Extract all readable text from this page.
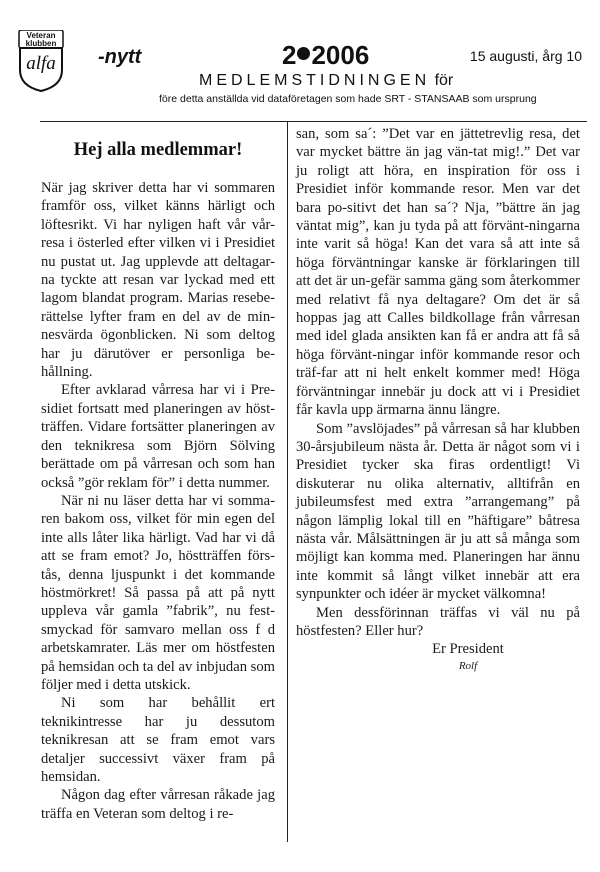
Veteran
klubben
alfa	-nytt	2 2006	15 augusti, årg 10
MEDLEMSTIDNINGEN för
före detta anställda vid dataföretagen som hade SRT - STANSAAB som ursprung
Hej alla medlemmar!

När jag skriver detta har vi sommaren framför oss, vilket känns härligt och löftesrikt. Vi har nyligen haft vår vår-resa i österled efter vilken vi i Presidiet nu pustat ut. Jag upplevde att deltagar-na tyckte att resan var lyckad med ett lagom blandat program. Marias resebe-rättelse lyfter fram en del av de min-nesvärda ögonblicken. Ni som deltog har ju därutöver er personliga be-hållning.

Efter avklarad vårresa har vi i Pre-sidiet fortsatt med planeringen av höst-träffen. Vidare fortsätter planeringen av den teknikresa som Björn Sölving berättade om på vårresan och som han också ”gör reklam för” i detta nummer.

När ni nu läser detta har vi somma-ren bakom oss, vilket för min egen del inte alls låter lika härligt. Vad har vi då att se fram emot? Jo, höstträffen förs-tås, denna ljuspunkt i det kommande höstmörkret! Så passa på att på nytt uppleva vår gamla ”fabrik”, nu fest-smyckad för samvaro mellan oss f d arbetskamrater. Läs mer om höstfesten på hemsidan och ta del av inbjudan som följer med i detta utskick.

Ni som har behållit ert teknikintresse har ju dessutom teknikresan att se fram emot vars detaljer successivt växer fram på hemsidan.

Någon dag efter vårresan råkade jag träffa en Veteran som deltog i re-

san, som sa´: ”Det var en jättetrevlig resa, det var mycket bättre än jag vän-tat mig!.” Det var ju roligt att höra, en inspiration för oss i Presidiet inför kommande resor. Men var det bara po-sitivt det han sa´? Nja, ”bättre än jag väntat mig”, kan ju tyda på att förvänt-ningarna inte varit så höga! Kan det vara så att inte så höga förväntningar kanske är förklaringen till att det är un-gefär samma gäng som återkommer med relativt få nya deltagare? Om det är så hoppas jag att Calles bildkollage från vårresan med idel glada ansikten kan få er andra att få så höga förvänt-ningar inför kommande resor och träf-far att ni helt enkelt kommer med! Höga förväntningar innebär ju dock att vi i Presidiet får kavla upp ärmarna ännu längre.

Som ”avslöjades” på vårresan så har klubben 30-årsjubileum nästa år. Detta är något som vi i Presidiet tycker ska firas ordentligt! Vi diskuterar nu olika alternativ, alltifrån en jubileumsfest med extra ”arrangemang” på någon lämplig lokal till en ”häftigare” båtresa nästa vår. Målsättningen är ju att så många som möjligt kan komma med. Planeringen har ännu inte kommit så långt vilket innebär att era synpunkter och idéer är mycket välkomna!

Men dessförinnan träffas vi väl nu på höstfesten? Eller hur?

Er President

Rolf
